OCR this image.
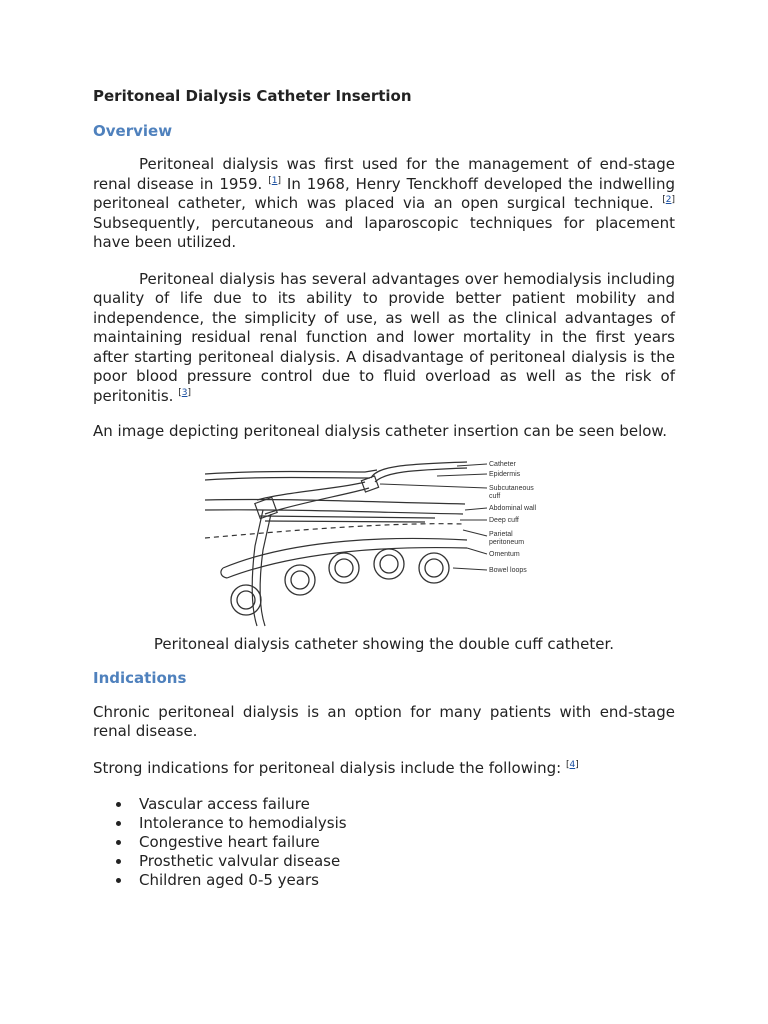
Peritoneal Dialysis Catheter Insertion
Overview

Peritoneal dialysis was first used for the management of end-stage renal disease in 1959. [1] In 1968, Henry Tenckhoff developed the indwelling peritoneal catheter, which was placed via an open surgical technique. [2] Subsequently, percutaneous and laparoscopic techniques for placement have been utilized.

Peritoneal dialysis has several advantages over hemodialysis including quality of life due to its ability to provide better patient mobility and independence, the simplicity of use, as well as the clinical advantages of maintaining residual renal function and lower mortality in the first years after starting peritoneal dialysis. A disadvantage of peritoneal dialysis is the poor blood pressure control due to fluid overload as well as the risk of peritonitis. [3]

An image depicting peritoneal dialysis catheter insertion can be seen below.

Catheter
Epidermis
Subcutaneous
cuff
Abdominal wall
Deep cuff
Parietal
peritoneum
Omentum
Bowel loops

Peritoneal dialysis catheter showing the double cuff catheter.

Indications

Chronic peritoneal dialysis is an option for many patients with end-stage renal disease.

Strong indications for peritoneal dialysis include the following: [4]

Vascular access failure
Intolerance to hemodialysis
Congestive heart failure
Prosthetic valvular disease
Children aged 0-5 years
